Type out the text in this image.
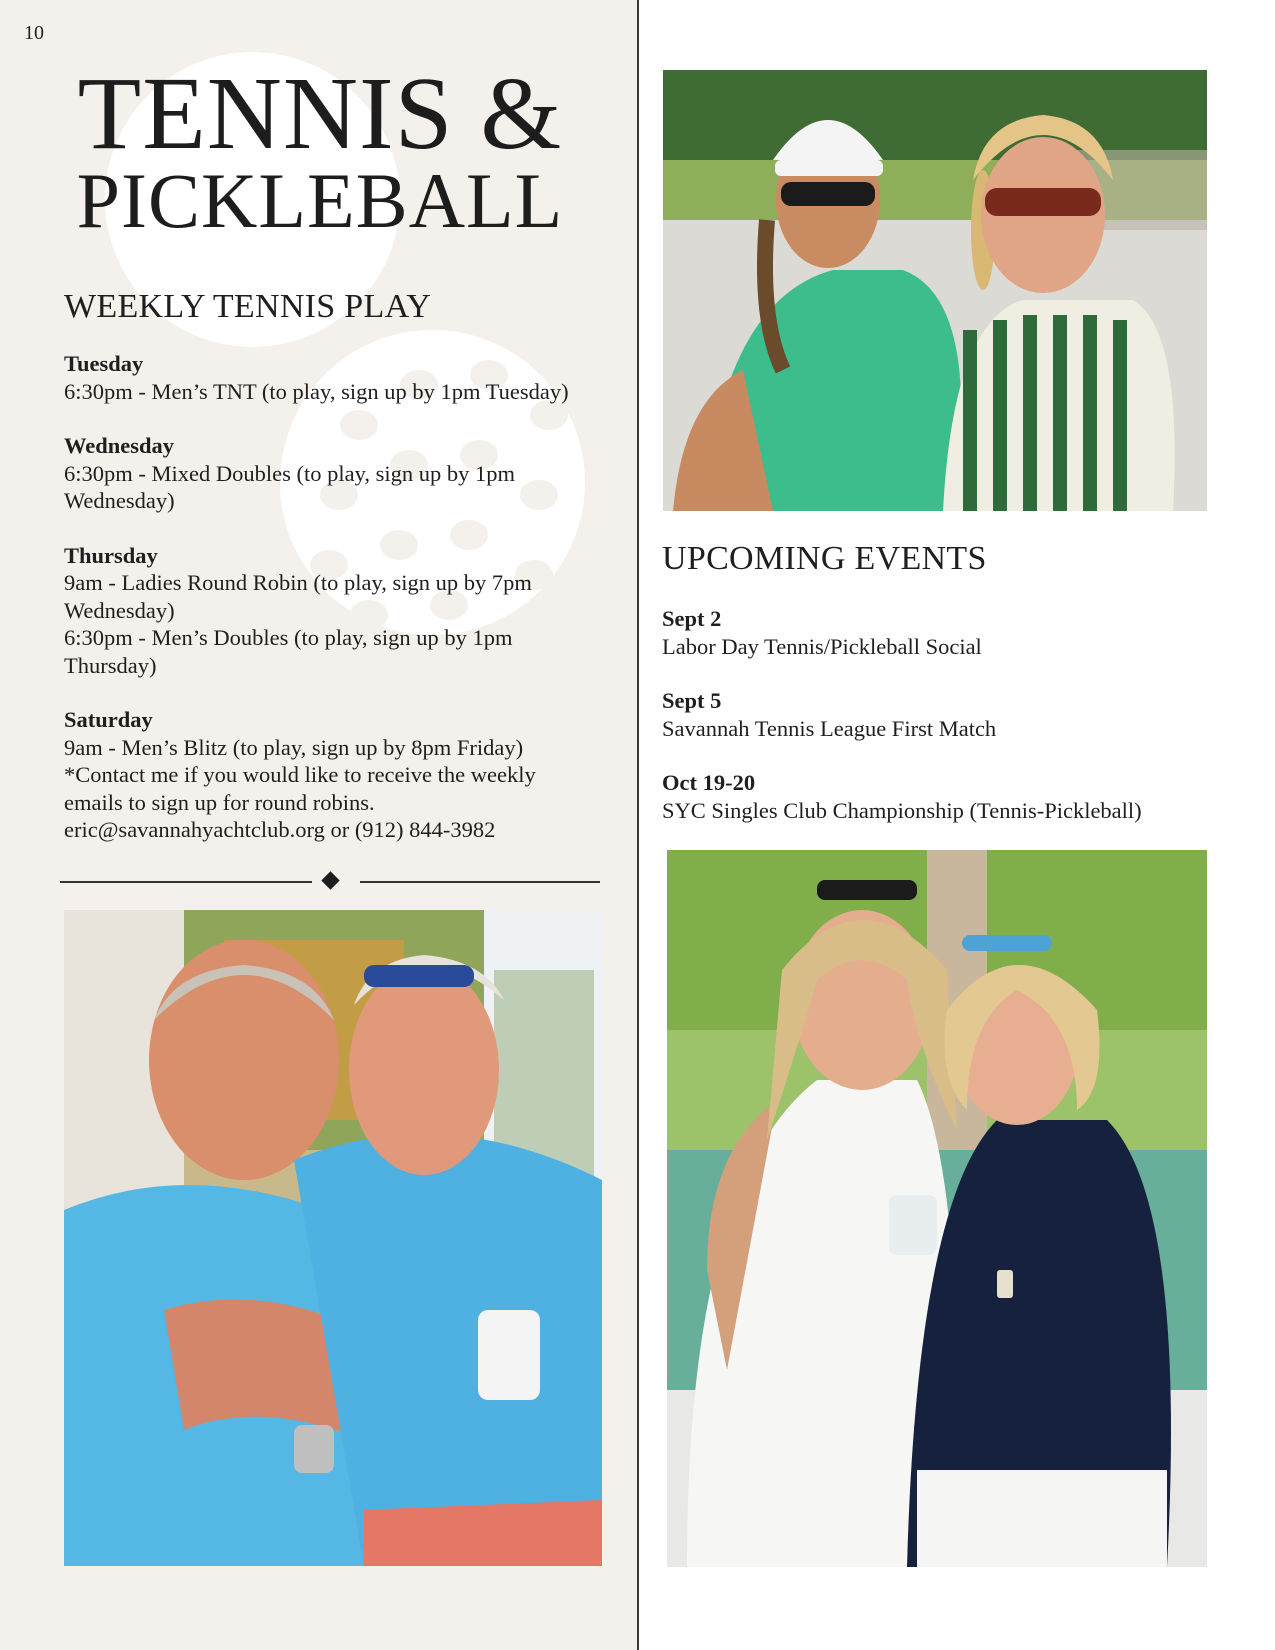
10
TENNIS &
PICKLEBALL
WEEKLY TENNIS PLAY
Tuesday
6:30pm - Men’s TNT (to play, sign up by 1pm Tuesday)
Wednesday
6:30pm - Mixed Doubles (to play, sign up by 1pm
Wednesday)
Thursday
9am - Ladies Round Robin (to play, sign up by 7pm
Wednesday)
6:30pm - Men’s Doubles (to play, sign up by 1pm
Thursday)
Saturday
9am - Men’s Blitz (to play, sign up by 8pm Friday)
*Contact me if you would like to receive the weekly
emails to sign up for round robins.
eric@savannahyachtclub.org or (912) 844-3982
UPCOMING EVENTS
Sept 2
Labor Day Tennis/Pickleball Social
Sept 5
Savannah Tennis League First Match
Oct 19-20
SYC Singles Club Championship (Tennis-Pickleball)
